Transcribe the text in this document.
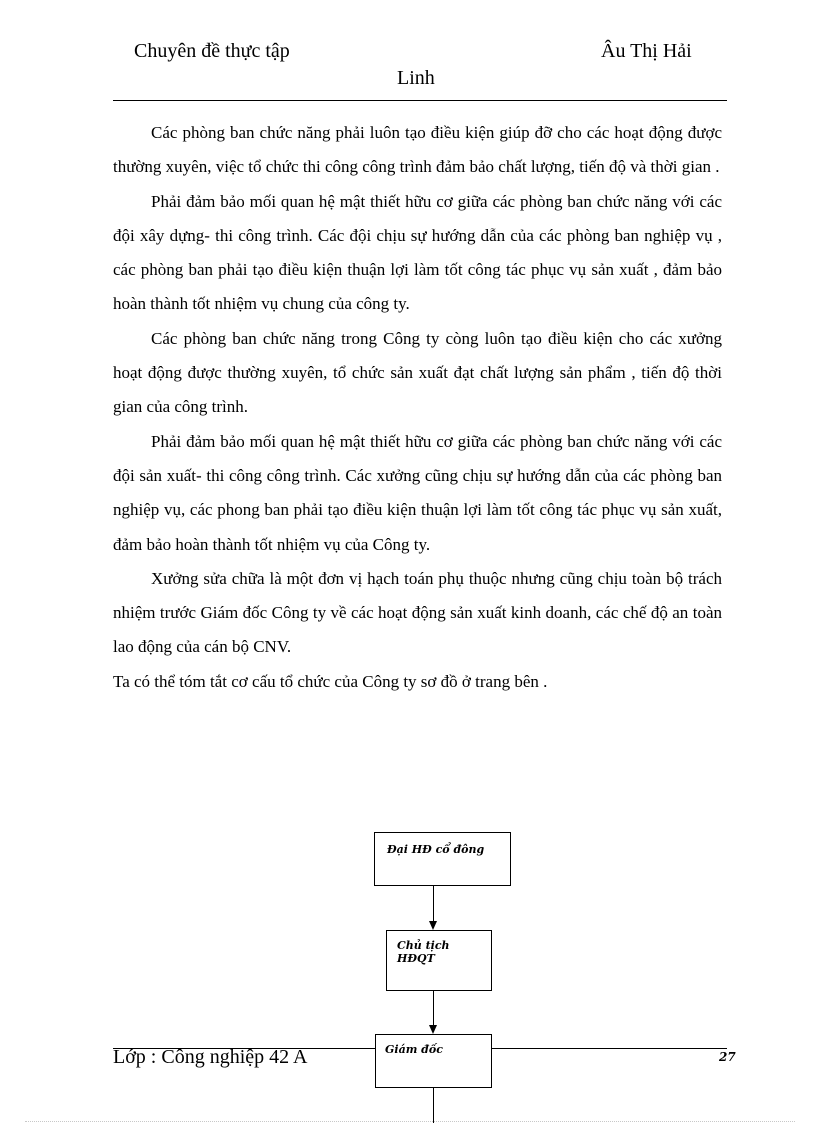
Chuyên đề thực tập	Âu Thị Hải
Linh

Các phòng ban chức năng phải luôn tạo điều kiện giúp đỡ cho các hoạt động được thường xuyên, việc tổ chức thi công công trình đảm bảo chất lượng, tiến độ và thời gian .

Phải đảm bảo mối quan hệ mật thiết hữu cơ giữa các phòng ban chức năng với các đội xây dựng- thi công trình. Các đội chịu sự hướng dẫn của các phòng ban nghiệp vụ , các phòng ban phải tạo điều kiện thuận lợi làm tốt công tác phục vụ sản xuất , đảm bảo hoàn thành tốt nhiệm vụ chung của công ty.

Các phòng ban chức năng trong Công ty còng luôn tạo điều kiện cho các xưởng hoạt động được thường xuyên, tổ chức sản xuất đạt chất lượng sản phẩm , tiến độ thời gian của công trình.

Phải đảm bảo mối quan hệ mật thiết hữu cơ giữa các phòng ban chức năng với các đội sản xuất- thi công công trình. Các xưởng cũng chịu sự hướng dẫn của các phòng ban nghiệp vụ, các phong ban phải tạo điều kiện thuận lợi làm tốt công tác phục vụ sản xuất, đảm bảo hoàn thành tốt nhiệm vụ của Công ty.

Xưởng sửa chữa là một đơn vị hạch toán phụ thuộc nhưng cũng chịu toàn bộ trách nhiệm trước Giám đốc Công ty về các hoạt động sản xuất kinh doanh, các chế độ an toàn lao động của cán bộ CNV.

Ta có thể tóm tắt cơ cấu tổ chức của Công ty sơ đồ ở trang bên .

Đại HĐ cổ đông
Chủ tịch
HĐQT
Giám đốc
Lớp : Công nghiệp 42 A	27
